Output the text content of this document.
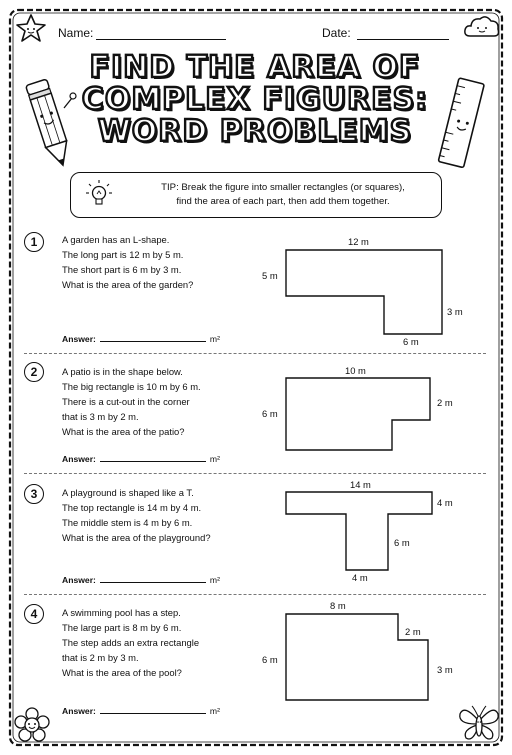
Name:	Date:
FIND THE AREA OF
COMPLEX FIGURES:
WORD PROBLEMS
TIP: Break the figure into smaller rectangles (or squares),
find the area of each part, then add them together.
1	A garden has an L-shape.
The long part is 12 m by 5 m.
The short part is 6 m by 3 m.
What is the area of the garden?
12 m
5 m
3 m
6 m
Answer:	m²
2	A patio is in the shape below.
The big rectangle is 10 m by 6 m.
There is a cut-out in the corner
that is 3 m by 2 m.
What is the area of the patio?
10 m
6 m
2 m
Answer:	m²
3	A playground is shaped like a T.
The top rectangle is 14 m by 4 m.
The middle stem is 4 m by 6 m.
What is the area of the playground?
14 m
4 m
6 m
4 m
Answer:	m²
4	A swimming pool has a step.
The large part is 8 m by 6 m.
The step adds an extra rectangle
that is 2 m by 3 m.
What is the area of the pool?
8 m
2 m
6 m
3 m
Answer:	m²
